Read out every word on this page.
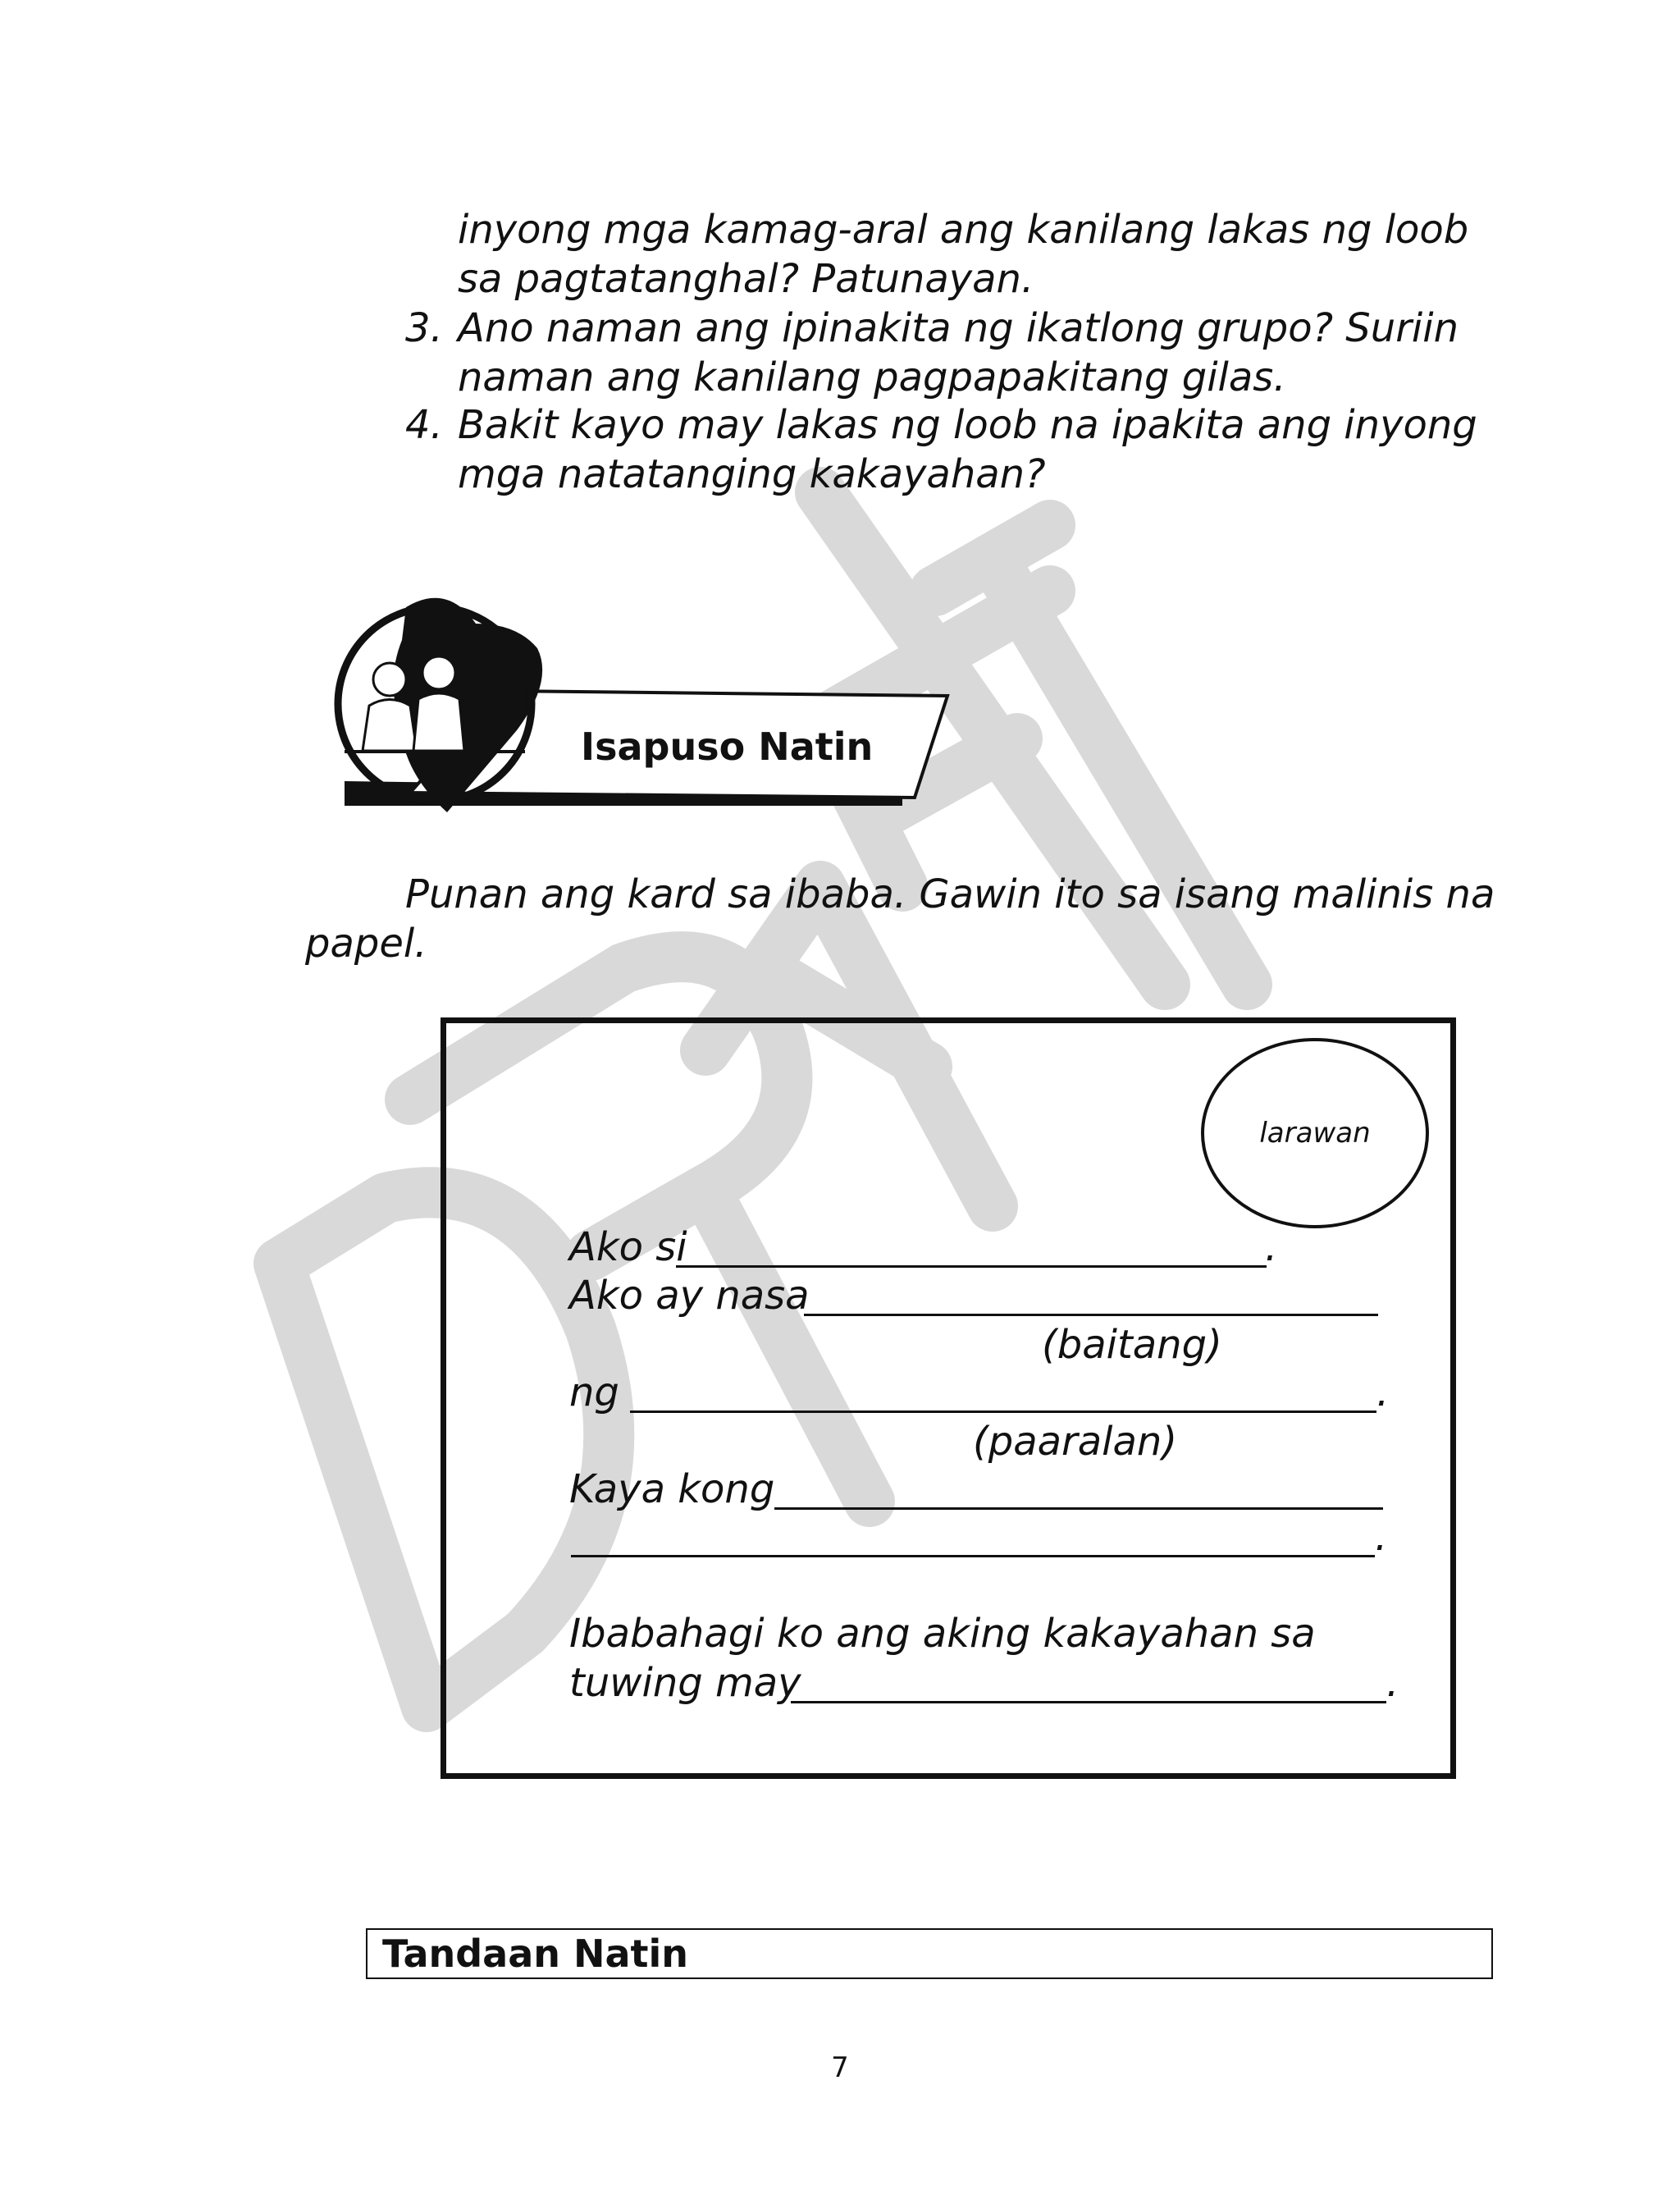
inyong mga kamag-aral ang kanilang lakas ng loob
sa pagtatanghal? Patunayan.
3. Ano naman ang ipinakita ng ikatlong grupo? Suriin
naman ang kanilang pagpapakitang gilas.
4. Bakit kayo may lakas ng loob na ipakita ang inyong
mga natatanging kakayahan?
Isapuso Natin
Punan ang kard sa ibaba. Gawin ito sa isang malinis na
papel.
larawan
Ako si	.
Ako ay nasa
(baitang)
ng	.
(paaralan)
Kaya kong
.
Ibabahagi ko ang aking kakayahan sa
tuwing may	.
Tandaan Natin
7
